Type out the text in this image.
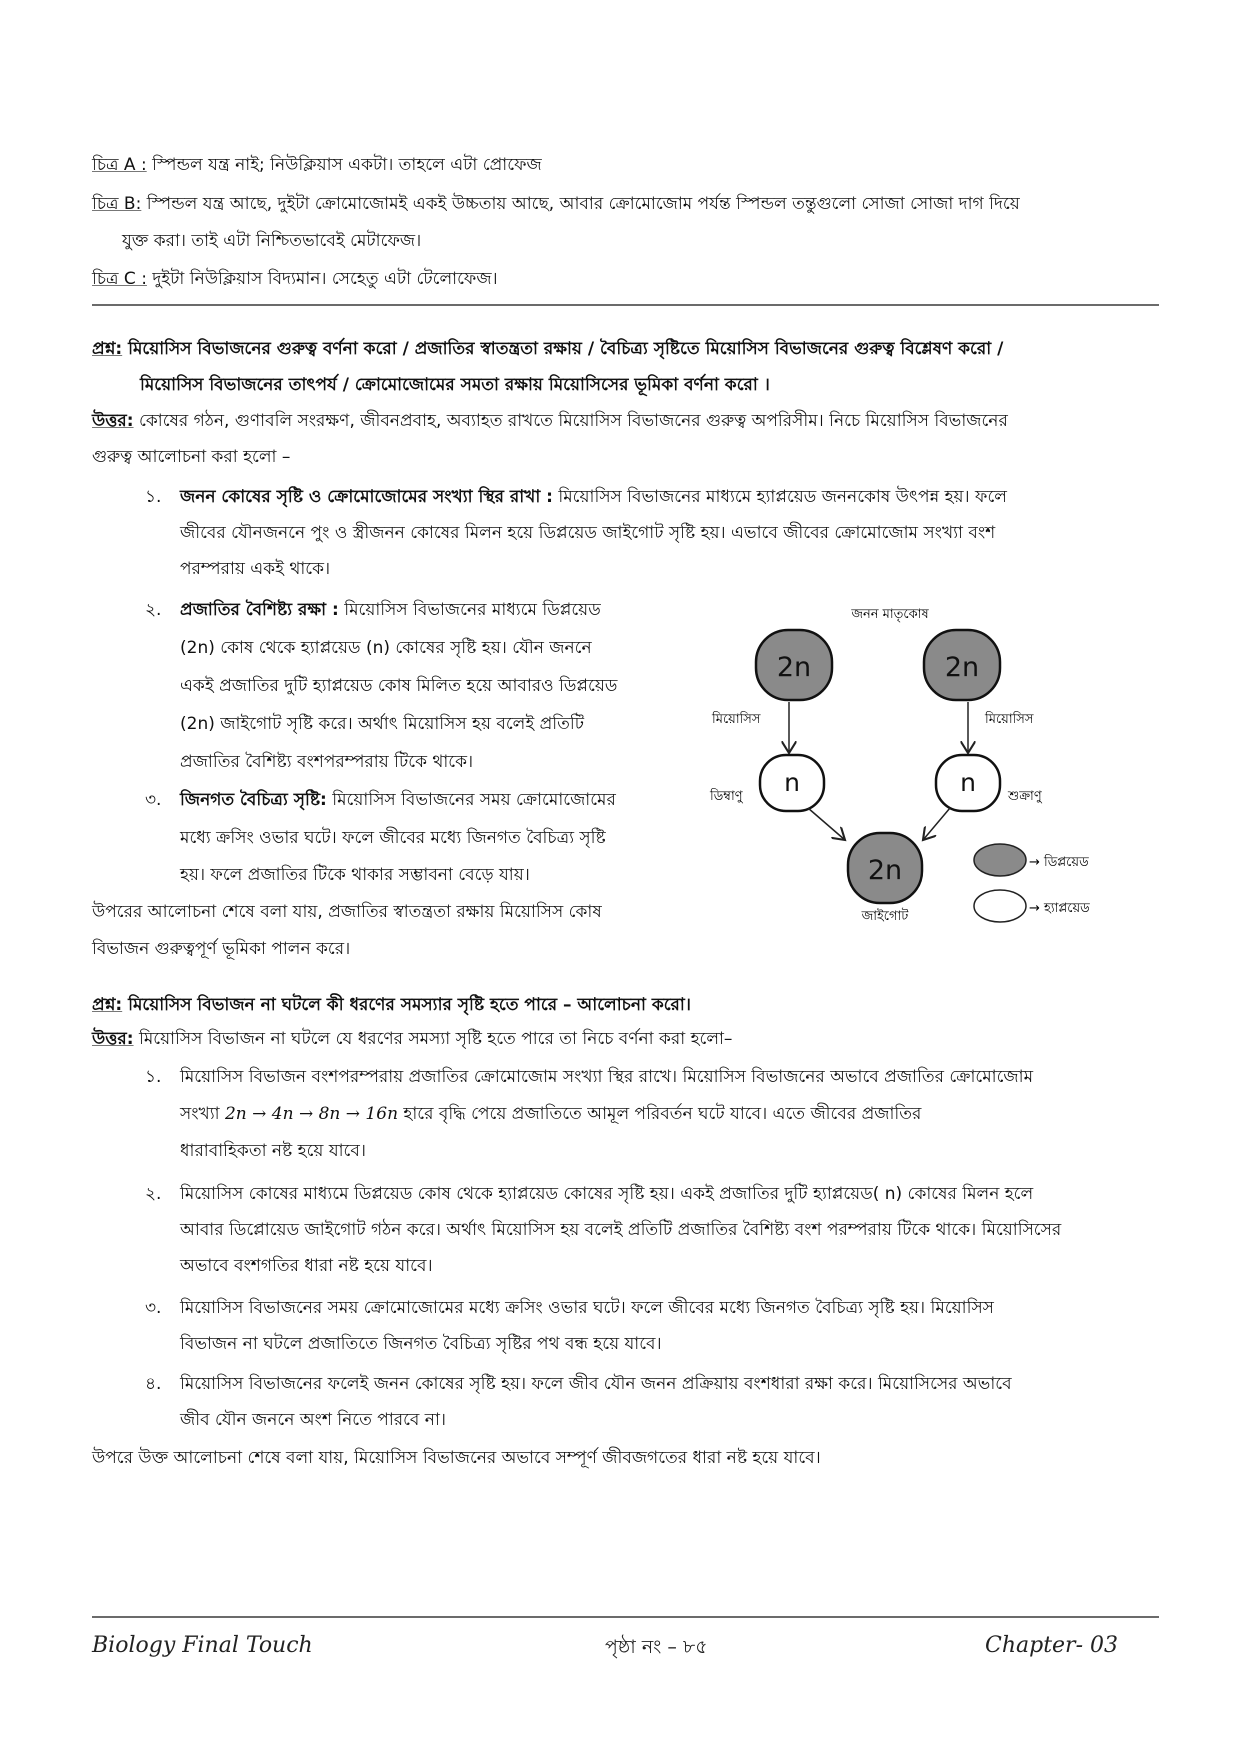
চিত্র A : স্পিন্ডল যন্ত্র নাই; নিউক্লিয়াস একটা। তাহলে এটা প্রোফেজ
চিত্র B: স্পিন্ডল যন্ত্র আছে, দুইটা ক্রোমোজোমই একই উচ্চতায় আছে, আবার ক্রোমোজোম পর্যন্ত স্পিন্ডল তন্তুগুলো সোজা সোজা দাগ দিয়ে
যুক্ত করা। তাই এটা নিশ্চিতভাবেই মেটাফেজ।
চিত্র C : দুইটা নিউক্লিয়াস বিদ্যমান। সেহেতু এটা টেলোফেজ।
প্রশ্ন: মিয়োসিস বিভাজনের গুরুত্ব বর্ণনা করো / প্রজাতির স্বাতন্ত্রতা রক্ষায় / বৈচিত্র্য সৃষ্টিতে মিয়োসিস বিভাজনের গুরুত্ব বিশ্লেষণ করো /
মিয়োসিস বিভাজনের তাৎপর্য / ক্রোমোজোমের সমতা রক্ষায় মিয়োসিসের ভূমিকা বর্ণনা করো ।
উত্তর: কোষের গঠন, গুণাবলি সংরক্ষণ, জীবনপ্রবাহ, অব্যাহত রাখতে মিয়োসিস বিভাজনের গুরুত্ব অপরিসীম। নিচে মিয়োসিস বিভাজনের
গুরুত্ব আলোচনা করা হলো –
১. জনন কোষের সৃষ্টি ও ক্রোমোজোমের সংখ্যা স্থির রাখা : মিয়োসিস বিভাজনের মাধ্যমে হ্যাপ্লয়েড জননকোষ উৎপন্ন হয়। ফলে
জীবের যৌনজননে পুং ও স্ত্রীজনন কোষের মিলন হয়ে ডিপ্লয়েড জাইগোট সৃষ্টি হয়। এভাবে জীবের ক্রোমোজোম সংখ্যা বংশ
পরম্পরায় একই থাকে।
২. প্রজাতির বৈশিষ্ট্য রক্ষা : মিয়োসিস বিভাজনের মাধ্যমে ডিপ্লয়েড
(2n) কোষ থেকে হ্যাপ্লয়েড (n) কোষের সৃষ্টি হয়। যৌন জননে
একই প্রজাতির দুটি হ্যাপ্লয়েড কোষ মিলিত হয়ে আবারও ডিপ্লয়েড
(2n) জাইগোট সৃষ্টি করে। অর্থাৎ মিয়োসিস হয় বলেই প্রতিটি
প্রজাতির বৈশিষ্ট্য বংশপরম্পরায় টিকে থাকে।
৩. জিনগত বৈচিত্র্য সৃষ্টি: মিয়োসিস বিভাজনের সময় ক্রোমোজোমের
মধ্যে ক্রসিং ওভার ঘটে। ফলে জীবের মধ্যে জিনগত বৈচিত্র্য সৃষ্টি
হয়। ফলে প্রজাতির টিকে থাকার সম্ভাবনা বেড়ে যায়।
উপরের আলোচনা শেষে বলা যায়, প্রজাতির স্বাতন্ত্রতা রক্ষায় মিয়োসিস কোষ
বিভাজন গুরুত্বপূর্ণ ভূমিকা পালন করে।
জনন মাতৃকোষ
2n	2n
মিয়োসিস	মিয়োসিস
n	n
ডিম্বাণু	শুক্রাণু
2n
জাইগোট
→ ডিপ্লয়েড
→ হ্যাপ্লয়েড
প্রশ্ন: মিয়োসিস বিভাজন না ঘটলে কী ধরণের সমস্যার সৃষ্টি হতে পারে – আলোচনা করো।
উত্তর: মিয়োসিস বিভাজন না ঘটলে যে ধরণের সমস্যা সৃষ্টি হতে পারে তা নিচে বর্ণনা করা হলো–
১. মিয়োসিস বিভাজন বংশপরম্পরায় প্রজাতির ক্রোমোজোম সংখ্যা স্থির রাখে। মিয়োসিস বিভাজনের অভাবে প্রজাতির ক্রোমোজোম
সংখ্যা 2n → 4n → 8n → 16n হারে বৃদ্ধি পেয়ে প্রজাতিতে আমূল পরিবর্তন ঘটে যাবে। এতে জীবের প্রজাতির
ধারাবাহিকতা নষ্ট হয়ে যাবে।
২. মিয়োসিস কোষের মাধ্যমে ডিপ্লয়েড কোষ থেকে হ্যাপ্লয়েড কোষের সৃষ্টি হয়। একই প্রজাতির দুটি হ্যাপ্লয়েড( n) কোষের মিলন হলে
আবার ডিপ্লোয়েড জাইগোট গঠন করে। অর্থাৎ মিয়োসিস হয় বলেই প্রতিটি প্রজাতির বৈশিষ্ট্য বংশ পরম্পরায় টিকে থাকে। মিয়োসিসের
অভাবে বংশগতির ধারা নষ্ট হয়ে যাবে।
৩. মিয়োসিস বিভাজনের সময় ক্রোমোজোমের মধ্যে ক্রসিং ওভার ঘটে। ফলে জীবের মধ্যে জিনগত বৈচিত্র্য সৃষ্টি হয়। মিয়োসিস
বিভাজন না ঘটলে প্রজাতিতে জিনগত বৈচিত্র্য সৃষ্টির পথ বন্ধ হয়ে যাবে।
৪. মিয়োসিস বিভাজনের ফলেই জনন কোষের সৃষ্টি হয়। ফলে জীব যৌন জনন প্রক্রিয়ায় বংশধারা রক্ষা করে। মিয়োসিসের অভাবে
জীব যৌন জননে অংশ নিতে পারবে না।
উপরে উক্ত আলোচনা শেষে বলা যায়, মিয়োসিস বিভাজনের অভাবে সম্পূর্ণ জীবজগতের ধারা নষ্ট হয়ে যাবে।
Biology Final Touch	পৃষ্ঠা নং – ৮৫	Chapter- 03
